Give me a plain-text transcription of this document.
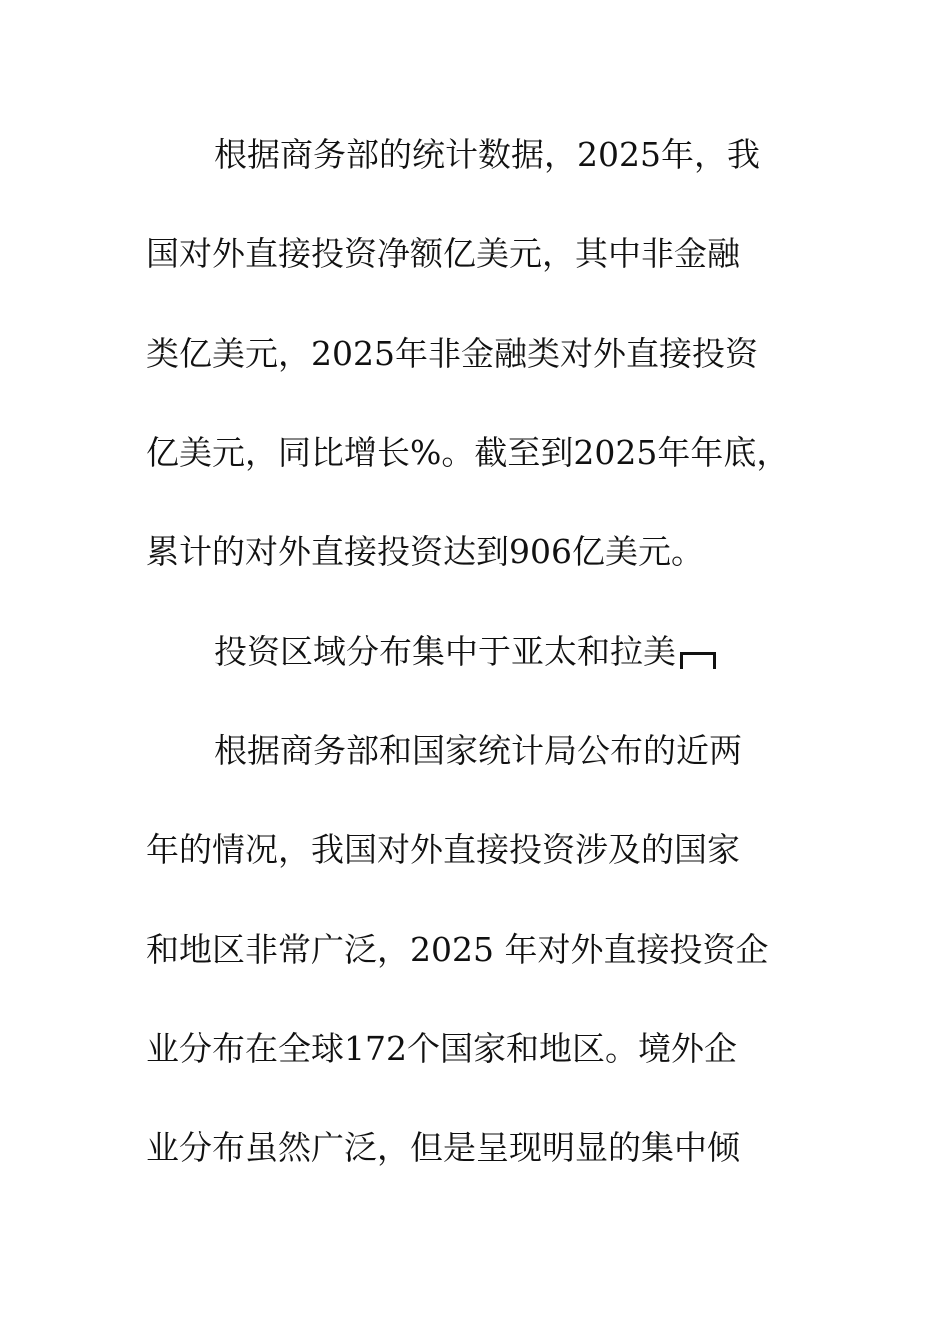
根据商务部的统计数据，2025年，我
国对外直接投资净额亿美元，其中非金融
类亿美元，2025年非金融类对外直接投资
亿美元，同比增长%。截至到2025年年底，
累计的对外直接投资达到906亿美元。
投资区域分布集中于亚太和拉美
根据商务部和国家统计局公布的近两
年的情况，我国对外直接投资涉及的国家
和地区非常广泛，2025 年对外直接投资企
业分布在全球172个国家和地区。境外企
业分布虽然广泛，但是呈现明显的集中倾
